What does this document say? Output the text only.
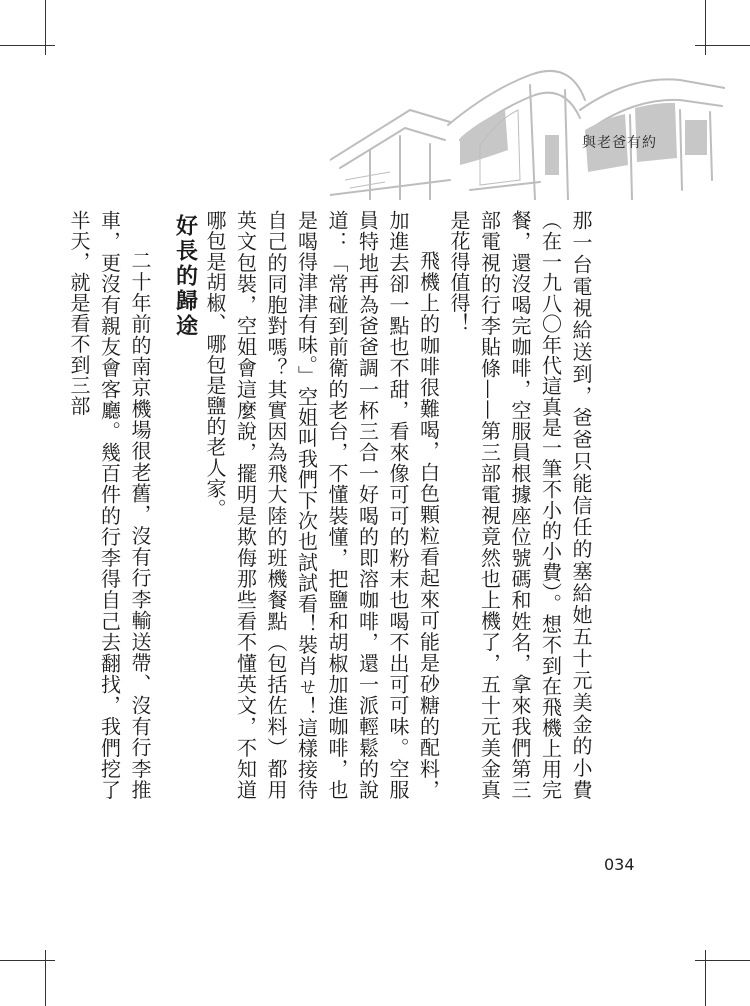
與老爸有約

那一台電視給送到，爸爸只能信任的塞給她五十元美金的小費（在一九八〇年代這真是一筆不小的小費）。想不到在飛機上用完餐，還沒喝完咖啡，空服員根據座位號碼和姓名，拿來我們第三部電視的行李貼條——第三部電視竟然也上機了，五十元美金真是花得值得！

飛機上的咖啡很難喝，白色顆粒看起來可能是砂糖的配料，加進去卻一點也不甜，看來像可可的粉末也喝不出可可味。空服員特地再為爸爸調一杯三合一好喝的即溶咖啡，還一派輕鬆的說道：「常碰到前衛的老台，不懂裝懂，把鹽和胡椒加進咖啡，也是喝得津津有味。」空姐叫我們下次也試試看！裝肖ㄝ！這樣接待自己的同胞對嗎？其實因為飛大陸的班機餐點（包括佐料）都用英文包裝，空姐會這麼說，擺明是欺侮那些看不懂英文，不知道哪包是胡椒、哪包是鹽的老人家。

好長的歸途

二十年前的南京機場很老舊，沒有行李輸送帶、沒有行李推車，更沒有親友會客廳。幾百件的行李得自己去翻找，我們挖了半天，就是看不到三部

034
